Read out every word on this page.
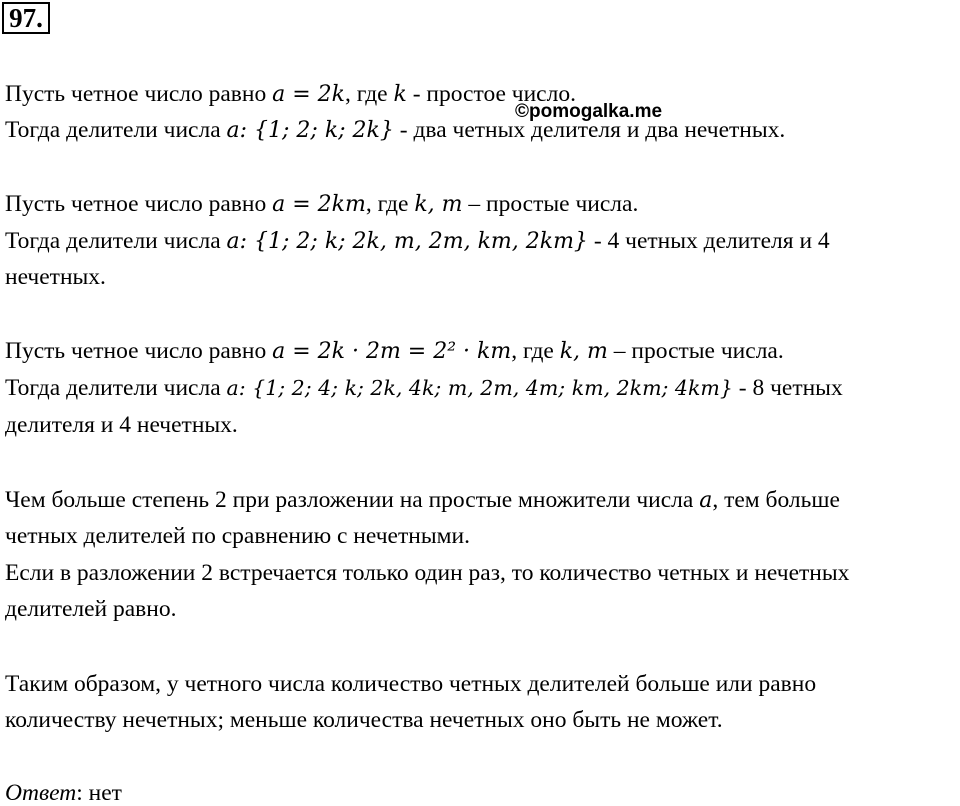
97.
©pomogalka.me
Пусть четное число равно a = 2k, где k - простое число.
Тогда делители числа a: {1; 2; k; 2k} - два четных делителя и два нечетных.
Пусть четное число равно a = 2km, где k, m – простые числа.
Тогда делители числа a: {1; 2; k; 2k, m, 2m, km, 2km} - 4 четных делителя и 4
нечетных.
Пусть четное число равно a = 2k · 2m = 2² · km, где k, m – простые числа.
Тогда делители числа a: {1; 2; 4; k; 2k, 4k; m, 2m, 4m; km, 2km; 4km} - 8 четных
делителя и 4 нечетных.
Чем больше степень 2 при разложении на простые множители числа a, тем больше
четных делителей по сравнению с нечетными.
Если в разложении 2 встречается только один раз, то количество четных и нечетных
делителей равно.
Таким образом, у четного числа количество четных делителей больше или равно
количеству нечетных; меньше количества нечетных оно быть не может.
Ответ: нет
